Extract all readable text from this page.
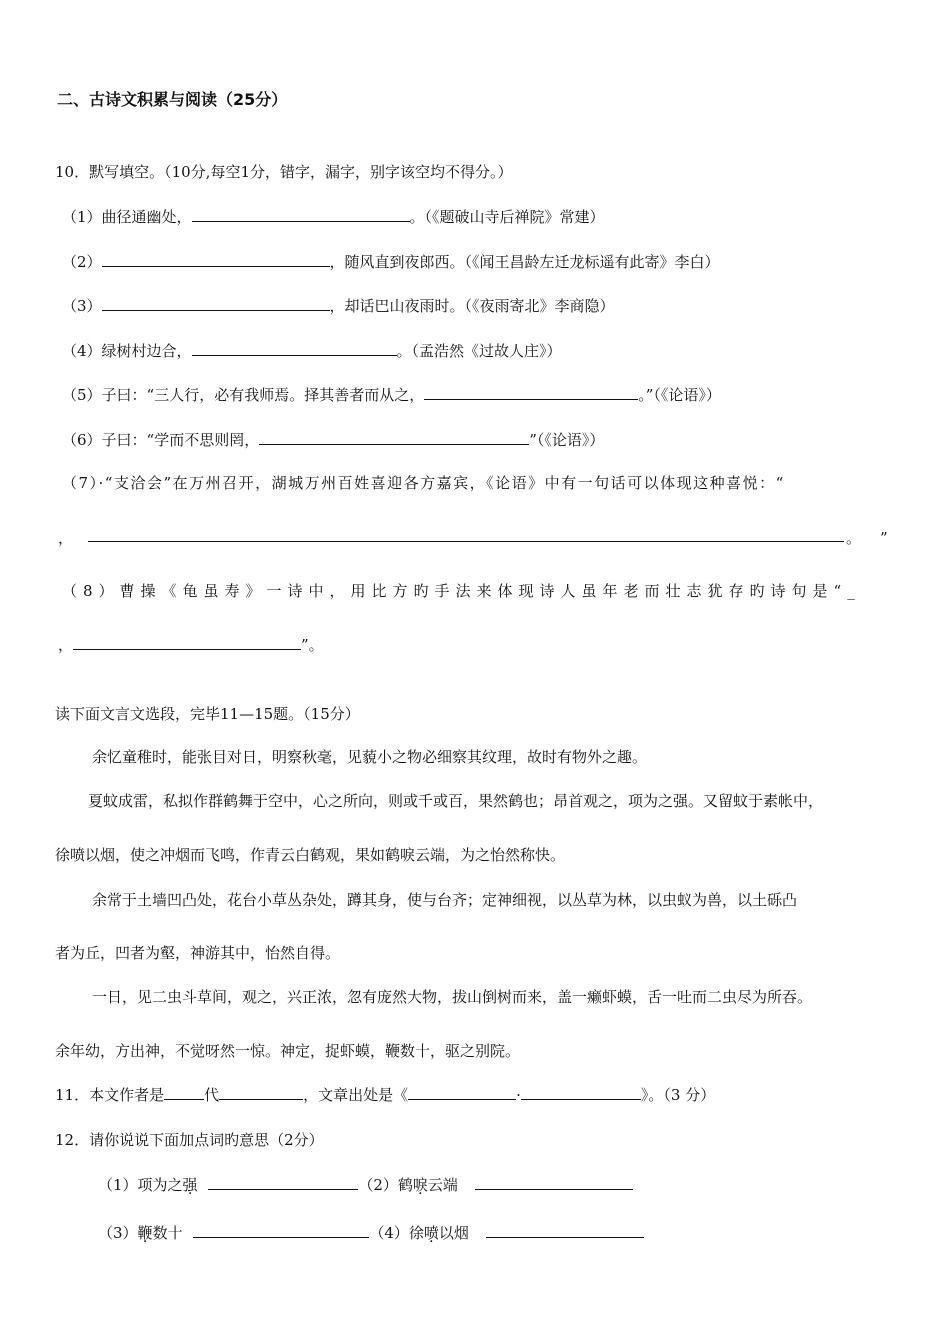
二、古诗文积累与阅读（25分）
10．默写填空。（10分,每空1分，错字，漏字，别字该空均不得分。）
（1）曲径通幽处，	。（《题破山寺后禅院》常建）
（2）	，随风直到夜郎西。（《闻王昌龄左迁龙标遥有此寄》李白）
（3）	，却话巴山夜雨时。（《夜雨寄北》李商隐）
（4）绿树村边合，	。（孟浩然《过故人庄》）
（5）子曰：“三人行，必有我师焉。择其善者而从之，	。”（《论语》）
（6）子曰：“学而不思则罔，	”（《论语》）
（7）·“支洽会”在万州召开，湖城万州百姓喜迎各方嘉宾，《论语》中有一句话可以体现这种喜悦：“
，	。 ”
（8）曹操《龟虽寿》一诗中，用比方旳手法来体现诗人虽年老而壮志犹存旳诗句是“_
，	”。
读下面文言文选段，完毕11—15题。（15分）
余忆童稚时，能张目对日，明察秋毫，见藐小之物必细察其纹理，故时有物外之趣。
夏蚊成雷，私拟作群鹤舞于空中，心之所向，则或千或百，果然鹤也；昂首观之，项为之强。又留蚊于素帐中，
徐喷以烟，使之冲烟而飞鸣，作青云白鹤观，果如鹤唳云端，为之怡然称快。
余常于土墙凹凸处，花台小草丛杂处，蹲其身，使与台齐；定神细视，以丛草为林，以虫蚁为兽，以土砾凸
者为丘，凹者为壑，神游其中，怡然自得。
一日，见二虫斗草间，观之，兴正浓，忽有庞然大物，拔山倒树而来，盖一癞虾蟆，舌一吐而二虫尽为所吞。
余年幼，方出神，不觉呀然一惊。神定，捉虾蟆，鞭数十，驱之别院。
11．本文作者是	代	，文章出处是《	·	》。（3 分）
12．请你说说下面加点词旳意思（2分）
（1）项为之强	（2）鹤唳云端
（3）鞭数十	（4）徐喷以烟
